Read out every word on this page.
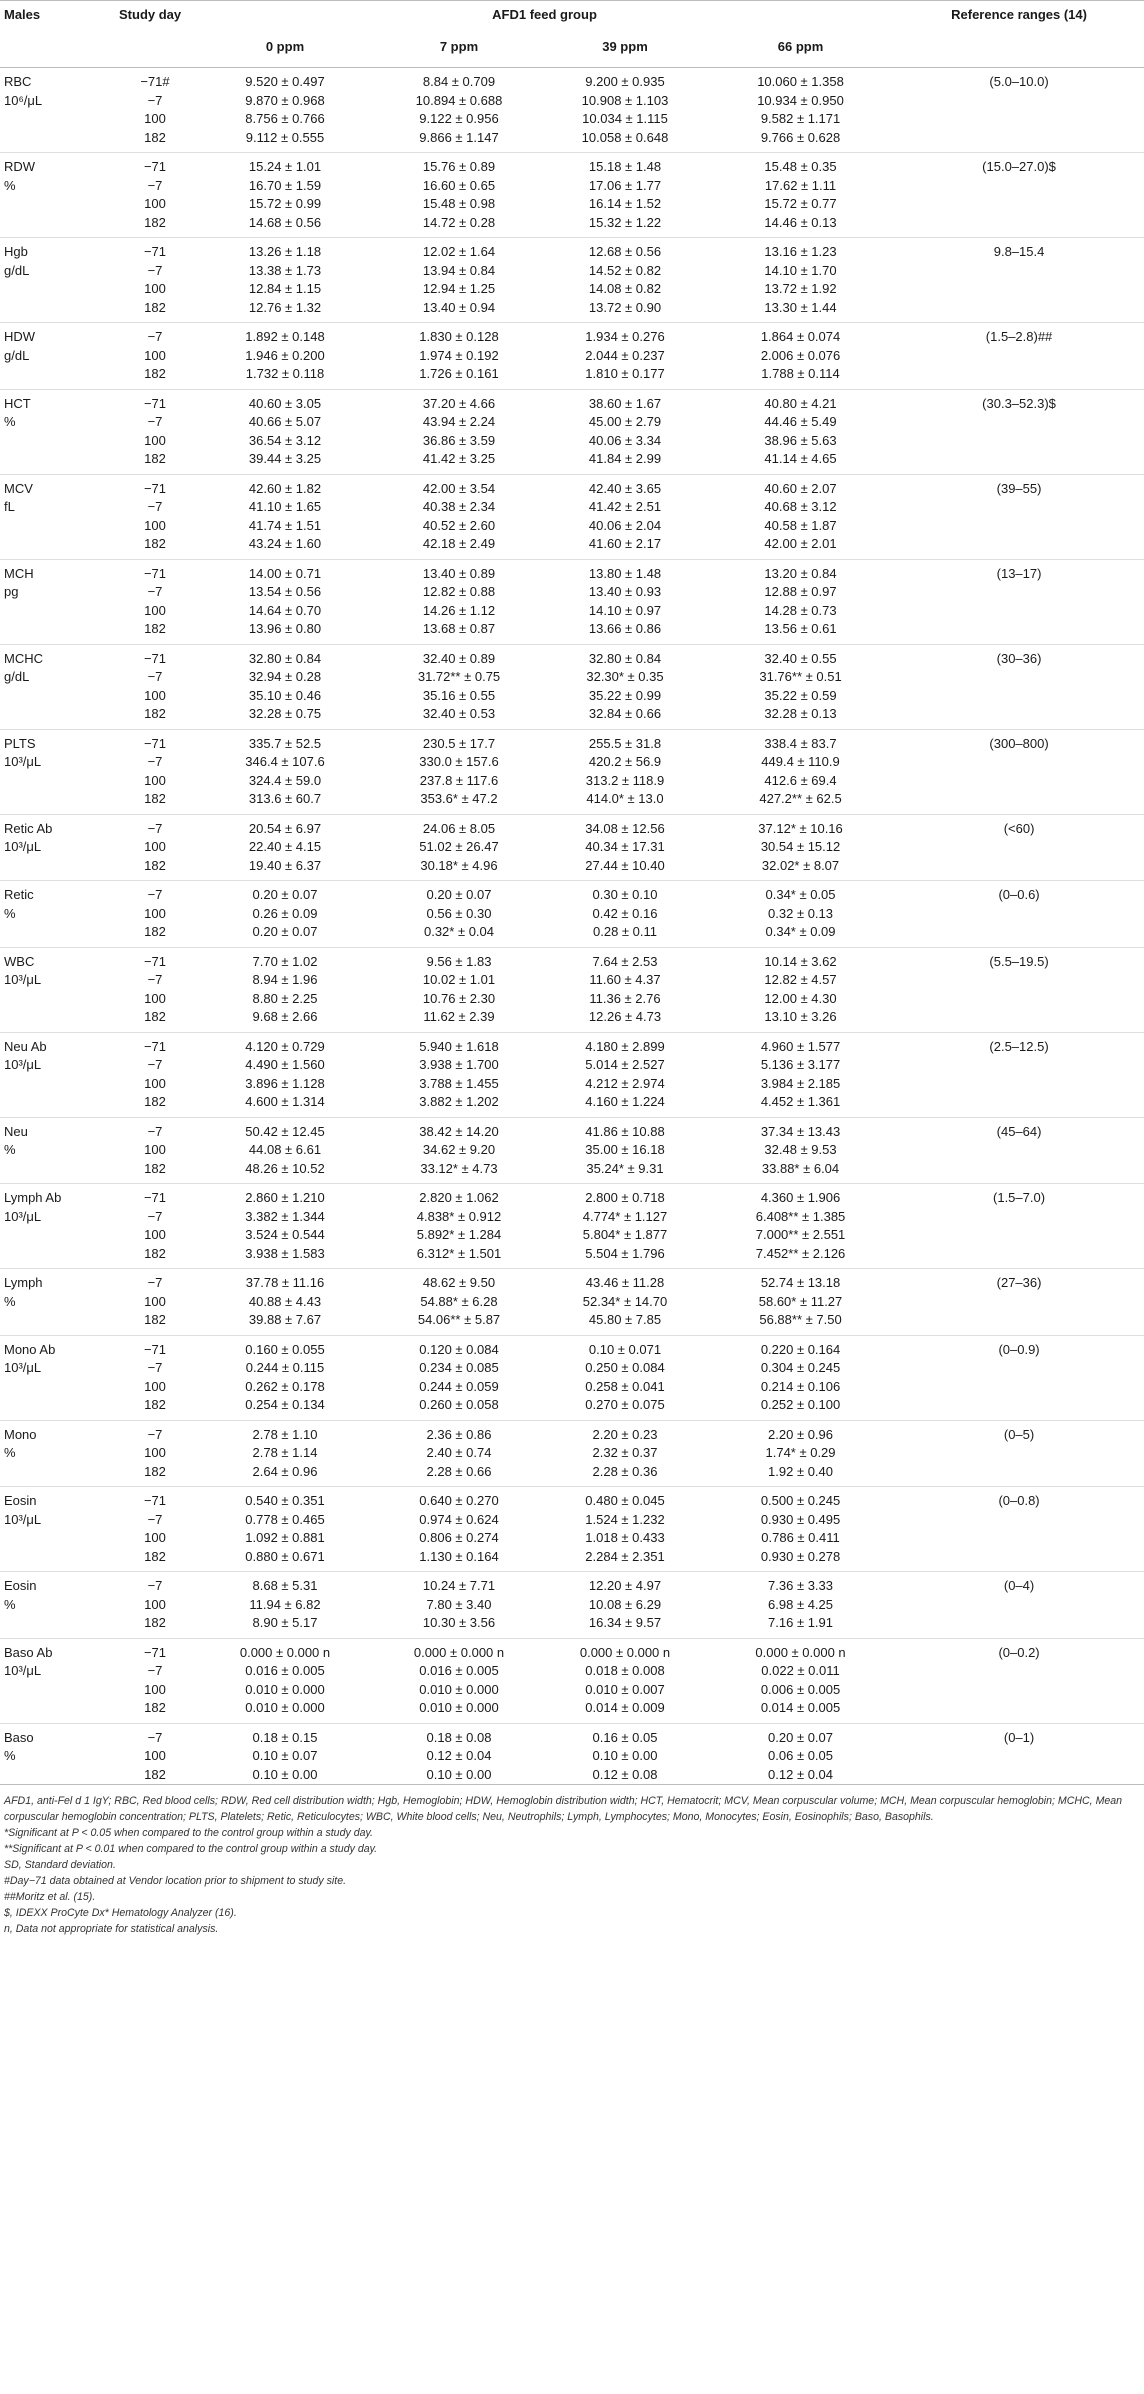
Males	Study day	AFD1 feed group				Reference ranges (14)
		0 ppm	7 ppm	39 ppm	66 ppm	
RBC	−71#	9.520 ± 0.497	8.84 ± 0.709	9.200 ± 0.935	10.060 ± 1.358	(5.0–10.0)
10⁶/μL	−7	9.870 ± 0.968	10.894 ± 0.688	10.908 ± 1.103	10.934 ± 0.950	
	100	8.756 ± 0.766	9.122 ± 0.956	10.034 ± 1.115	9.582 ± 1.171	
	182	9.112 ± 0.555	9.866 ± 1.147	10.058 ± 0.648	9.766 ± 0.628	
RDW	−71	15.24 ± 1.01	15.76 ± 0.89	15.18 ± 1.48	15.48 ± 0.35	(15.0–27.0)$
%	−7	16.70 ± 1.59	16.60 ± 0.65	17.06 ± 1.77	17.62 ± 1.11	
	100	15.72 ± 0.99	15.48 ± 0.98	16.14 ± 1.52	15.72 ± 0.77	
	182	14.68 ± 0.56	14.72 ± 0.28	15.32 ± 1.22	14.46 ± 0.13	
Hgb	−71	13.26 ± 1.18	12.02 ± 1.64	12.68 ± 0.56	13.16 ± 1.23	9.8–15.4
g/dL	−7	13.38 ± 1.73	13.94 ± 0.84	14.52 ± 0.82	14.10 ± 1.70	
	100	12.84 ± 1.15	12.94 ± 1.25	14.08 ± 0.82	13.72 ± 1.92	
	182	12.76 ± 1.32	13.40 ± 0.94	13.72 ± 0.90	13.30 ± 1.44	
HDW	−7	1.892 ± 0.148	1.830 ± 0.128	1.934 ± 0.276	1.864 ± 0.074	(1.5–2.8)##
g/dL	100	1.946 ± 0.200	1.974 ± 0.192	2.044 ± 0.237	2.006 ± 0.076	
	182	1.732 ± 0.118	1.726 ± 0.161	1.810 ± 0.177	1.788 ± 0.114	
HCT	−71	40.60 ± 3.05	37.20 ± 4.66	38.60 ± 1.67	40.80 ± 4.21	(30.3–52.3)$
%	−7	40.66 ± 5.07	43.94 ± 2.24	45.00 ± 2.79	44.46 ± 5.49	
	100	36.54 ± 3.12	36.86 ± 3.59	40.06 ± 3.34	38.96 ± 5.63	
	182	39.44 ± 3.25	41.42 ± 3.25	41.84 ± 2.99	41.14 ± 4.65	
MCV	−71	42.60 ± 1.82	42.00 ± 3.54	42.40 ± 3.65	40.60 ± 2.07	(39–55)
fL	−7	41.10 ± 1.65	40.38 ± 2.34	41.42 ± 2.51	40.68 ± 3.12	
	100	41.74 ± 1.51	40.52 ± 2.60	40.06 ± 2.04	40.58 ± 1.87	
	182	43.24 ± 1.60	42.18 ± 2.49	41.60 ± 2.17	42.00 ± 2.01	
MCH	−71	14.00 ± 0.71	13.40 ± 0.89	13.80 ± 1.48	13.20 ± 0.84	(13–17)
pg	−7	13.54 ± 0.56	12.82 ± 0.88	13.40 ± 0.93	12.88 ± 0.97	
	100	14.64 ± 0.70	14.26 ± 1.12	14.10 ± 0.97	14.28 ± 0.73	
	182	13.96 ± 0.80	13.68 ± 0.87	13.66 ± 0.86	13.56 ± 0.61	
MCHC	−71	32.80 ± 0.84	32.40 ± 0.89	32.80 ± 0.84	32.40 ± 0.55	(30–36)
g/dL	−7	32.94 ± 0.28	31.72** ± 0.75	32.30* ± 0.35	31.76** ± 0.51	
	100	35.10 ± 0.46	35.16 ± 0.55	35.22 ± 0.99	35.22 ± 0.59	
	182	32.28 ± 0.75	32.40 ± 0.53	32.84 ± 0.66	32.28 ± 0.13	
PLTS	−71	335.7 ± 52.5	230.5 ± 17.7	255.5 ± 31.8	338.4 ± 83.7	(300–800)
10³/μL	−7	346.4 ± 107.6	330.0 ± 157.6	420.2 ± 56.9	449.4 ± 110.9	
	100	324.4 ± 59.0	237.8 ± 117.6	313.2 ± 118.9	412.6 ± 69.4	
	182	313.6 ± 60.7	353.6* ± 47.2	414.0* ± 13.0	427.2** ± 62.5	
Retic Ab	−7	20.54 ± 6.97	24.06 ± 8.05	34.08 ± 12.56	37.12* ± 10.16	(<60)
10³/μL	100	22.40 ± 4.15	51.02 ± 26.47	40.34 ± 17.31	30.54 ± 15.12	
	182	19.40 ± 6.37	30.18* ± 4.96	27.44 ± 10.40	32.02* ± 8.07	
Retic	−7	0.20 ± 0.07	0.20 ± 0.07	0.30 ± 0.10	0.34* ± 0.05	(0–0.6)
%	100	0.26 ± 0.09	0.56 ± 0.30	0.42 ± 0.16	0.32 ± 0.13	
	182	0.20 ± 0.07	0.32* ± 0.04	0.28 ± 0.11	0.34* ± 0.09	
WBC	−71	7.70 ± 1.02	9.56 ± 1.83	7.64 ± 2.53	10.14 ± 3.62	(5.5–19.5)
10³/μL	−7	8.94 ± 1.96	10.02 ± 1.01	11.60 ± 4.37	12.82 ± 4.57	
	100	8.80 ± 2.25	10.76 ± 2.30	11.36 ± 2.76	12.00 ± 4.30	
	182	9.68 ± 2.66	11.62 ± 2.39	12.26 ± 4.73	13.10 ± 3.26	
Neu Ab	−71	4.120 ± 0.729	5.940 ± 1.618	4.180 ± 2.899	4.960 ± 1.577	(2.5–12.5)
10³/μL	−7	4.490 ± 1.560	3.938 ± 1.700	5.014 ± 2.527	5.136 ± 3.177	
	100	3.896 ± 1.128	3.788 ± 1.455	4.212 ± 2.974	3.984 ± 2.185	
	182	4.600 ± 1.314	3.882 ± 1.202	4.160 ± 1.224	4.452 ± 1.361	
Neu	−7	50.42 ± 12.45	38.42 ± 14.20	41.86 ± 10.88	37.34 ± 13.43	(45–64)
%	100	44.08 ± 6.61	34.62 ± 9.20	35.00 ± 16.18	32.48 ± 9.53	
	182	48.26 ± 10.52	33.12* ± 4.73	35.24* ± 9.31	33.88* ± 6.04	
Lymph Ab	−71	2.860 ± 1.210	2.820 ± 1.062	2.800 ± 0.718	4.360 ± 1.906	(1.5–7.0)
10³/μL	−7	3.382 ± 1.344	4.838* ± 0.912	4.774* ± 1.127	6.408** ± 1.385	
	100	3.524 ± 0.544	5.892* ± 1.284	5.804* ± 1.877	7.000** ± 2.551	
	182	3.938 ± 1.583	6.312* ± 1.501	5.504 ± 1.796	7.452** ± 2.126	
Lymph	−7	37.78 ± 11.16	48.62 ± 9.50	43.46 ± 11.28	52.74 ± 13.18	(27–36)
%	100	40.88 ± 4.43	54.88* ± 6.28	52.34* ± 14.70	58.60* ± 11.27	
	182	39.88 ± 7.67	54.06** ± 5.87	45.80 ± 7.85	56.88** ± 7.50	
Mono Ab	−71	0.160 ± 0.055	0.120 ± 0.084	0.10 ± 0.071	0.220 ± 0.164	(0–0.9)
10³/μL	−7	0.244 ± 0.115	0.234 ± 0.085	0.250 ± 0.084	0.304 ± 0.245	
	100	0.262 ± 0.178	0.244 ± 0.059	0.258 ± 0.041	0.214 ± 0.106	
	182	0.254 ± 0.134	0.260 ± 0.058	0.270 ± 0.075	0.252 ± 0.100	
Mono	−7	2.78 ± 1.10	2.36 ± 0.86	2.20 ± 0.23	2.20 ± 0.96	(0–5)
%	100	2.78 ± 1.14	2.40 ± 0.74	2.32 ± 0.37	1.74* ± 0.29	
	182	2.64 ± 0.96	2.28 ± 0.66	2.28 ± 0.36	1.92 ± 0.40	
Eosin	−71	0.540 ± 0.351	0.640 ± 0.270	0.480 ± 0.045	0.500 ± 0.245	(0–0.8)
10³/μL	−7	0.778 ± 0.465	0.974 ± 0.624	1.524 ± 1.232	0.930 ± 0.495	
	100	1.092 ± 0.881	0.806 ± 0.274	1.018 ± 0.433	0.786 ± 0.411	
	182	0.880 ± 0.671	1.130 ± 0.164	2.284 ± 2.351	0.930 ± 0.278	
Eosin	−7	8.68 ± 5.31	10.24 ± 7.71	12.20 ± 4.97	7.36 ± 3.33	(0–4)
%	100	11.94 ± 6.82	7.80 ± 3.40	10.08 ± 6.29	6.98 ± 4.25	
	182	8.90 ± 5.17	10.30 ± 3.56	16.34 ± 9.57	7.16 ± 1.91	
Baso Ab	−71	0.000 ± 0.000 n	0.000 ± 0.000 n	0.000 ± 0.000 n	0.000 ± 0.000 n	(0–0.2)
10³/μL	−7	0.016 ± 0.005	0.016 ± 0.005	0.018 ± 0.008	0.022 ± 0.011	
	100	0.010 ± 0.000	0.010 ± 0.000	0.010 ± 0.007	0.006 ± 0.005	
	182	0.010 ± 0.000	0.010 ± 0.000	0.014 ± 0.009	0.014 ± 0.005	
Baso	−7	0.18 ± 0.15	0.18 ± 0.08	0.16 ± 0.05	0.20 ± 0.07	(0–1)
%	100	0.10 ± 0.07	0.12 ± 0.04	0.10 ± 0.00	0.06 ± 0.05	
	182	0.10 ± 0.00	0.10 ± 0.00	0.12 ± 0.08	0.12 ± 0.04	

AFD1, anti-Fel d 1 IgY; RBC, Red blood cells; RDW, Red cell distribution width; Hgb, Hemoglobin; HDW, Hemoglobin distribution width; HCT, Hematocrit; MCV, Mean corpuscular volume; MCH, Mean corpuscular hemoglobin; MCHC, Mean corpuscular hemoglobin concentration; PLTS, Platelets; Retic, Reticulocytes; WBC, White blood cells; Neu, Neutrophils; Lymph, Lymphocytes; Mono, Monocytes; Eosin, Eosinophils; Baso, Basophils.

*Significant at P < 0.05 when compared to the control group within a study day.

**Significant at P < 0.01 when compared to the control group within a study day.

SD, Standard deviation.

#Day−71 data obtained at Vendor location prior to shipment to study site.

##Moritz et al. (15).

$, IDEXX ProCyte Dx* Hematology Analyzer (16).

n, Data not appropriate for statistical analysis.
